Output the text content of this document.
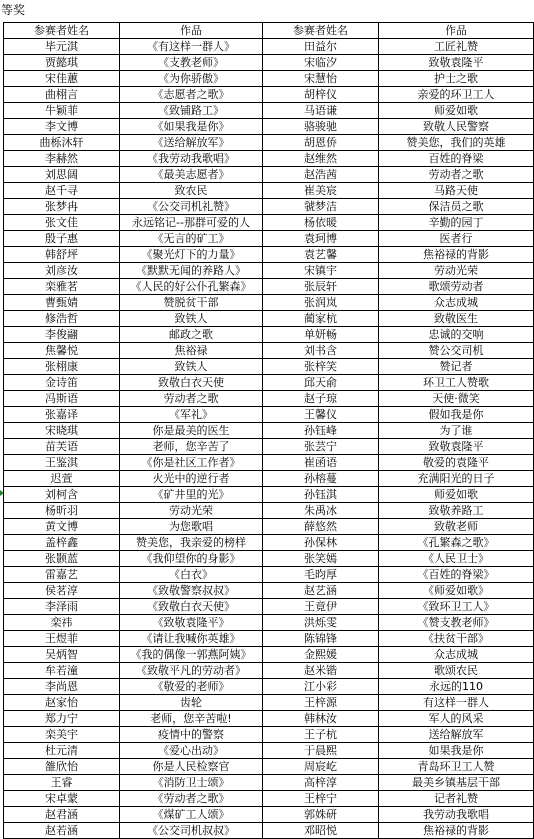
等奖
参赛者姓名	作品	参赛者姓名	作品
毕元淇	《有这样一群人》	田益尔	工匠礼赞
贾懿琪	《支教老师》	宋临汐	致敬袁隆平
宋佳蕙	《为你骄傲》	宋慧怡	护士之歌
曲栩言	《志愿者之歌》	胡梓仪	亲爱的环卫工人
牛颖菲	《致铺路工》	马语谦	师爱如歌
李文博	《如果我是你》	骆骏驰	致敬人民警察
曲栎沐轩	《送给解放军》	胡恩侨	赞美您，我们的英雄
李赫然	《我劳动我歌唱》	赵维然	百姓的脊梁
刘思阔	《最美志愿者》	赵浩茜	劳动者之歌
赵千寻	致农民	崔美宸	马路天使
张梦冉	《公交司机礼赞》	虢梦洁	保洁员之歌
张文佳	永远铭记--那群可爱的人	杨依暖	辛勤的园丁
殷子惠	《无言的矿工》	袁珂博	医者行
韩舒坪	《聚光灯下的力量》	袁艺馨	焦裕禄的背影
刘彦汝	《默默无闻的养路人》	宋镇宇	劳动光荣
栾雅茗	《人民的好公仆孔繁森》	张辰轩	歌颂劳动者
曹甄婧	赞脱贫干部	张润岚	众志成城
修浩哲	致铁人	蔺家杭	致敬医生
李俊翮	邮政之歌	单妍畅	忠诚的交响
焦馨悦	焦裕禄	刘书含	赞公交司机
张栩康	致铁人	张梓笑	赞记者
金诗笛	致敬白衣天使	邱天俞	环卫工人赞歌
冯斯语	劳动者之歌	赵子琼	天使·微笑
张嘉译	《军礼》	王馨仪	假如我是你
宋晓琪	你是最美的医生	孙钰峰	为了谁
苗芙语	老师，您辛苦了	张芸宁	致敬袁隆平
王鉴淇	《你是社区工作者》	崔函语	敬爱的袁隆平
迟萱	火光中的逆行者	孙榕蔓	充满阳光的日子
刘柯含	《矿井里的光》	孙钰淇	师爱如歌
杨昕羽	劳动光荣	朱禹冰	致敬养路工
黄文博	为您歌唱	薛悠然	致敬老师
盖梓鑫	赞美您，我亲爱的榜样	孙保林	《孔繁森之歌》
张颢蓝	《我仰望你的身影》	张笑嫣	《人民卫士》
雷嘉艺	《白衣》	毛昀厚	《百姓的脊梁》
侯茗淳	《致敬警察叔叔》	赵艺涵	《师爱如歌》
李泽雨	《致敬白衣天使》	王竟伊	《致环卫工人》
栾祎	《致敬袁隆平》	洪烁雯	《赞支教老师》
王煜菲	《请让我喊你英雄》	陈锦锋	《扶贫干部》
吴炳智	《我的偶像一郭燕阿姨》	金熙媛	众志成城
牟若潼	《致敬平凡的劳动者》	赵米锴	歌颂农民
李尚恩	《敬爱的老师》	江小彩	永远的110
赵家怡	齿轮	王梓源	有这样一群人
郑力宁	老师，您辛苦啦!	韩林汝	军人的风采
栾美宇	疫情中的警察	王子杭	送给解放军
杜元清	《爱心出动》	于晨熙	如果我是你
雒欣怡	你是人民检察官	周宸屹	青岛环卫工人赞
王睿	《消防卫士颂》	高梓淳	最美乡镇基层干部
宋卓蒙	《劳动者之歌》	王梓宁	记者礼赞
赵君涵	《煤矿工人颂》	郭姝研	我劳动我歌唱
赵若涵	《公交司机叔叔》	邓昭悦	焦裕禄的背影
